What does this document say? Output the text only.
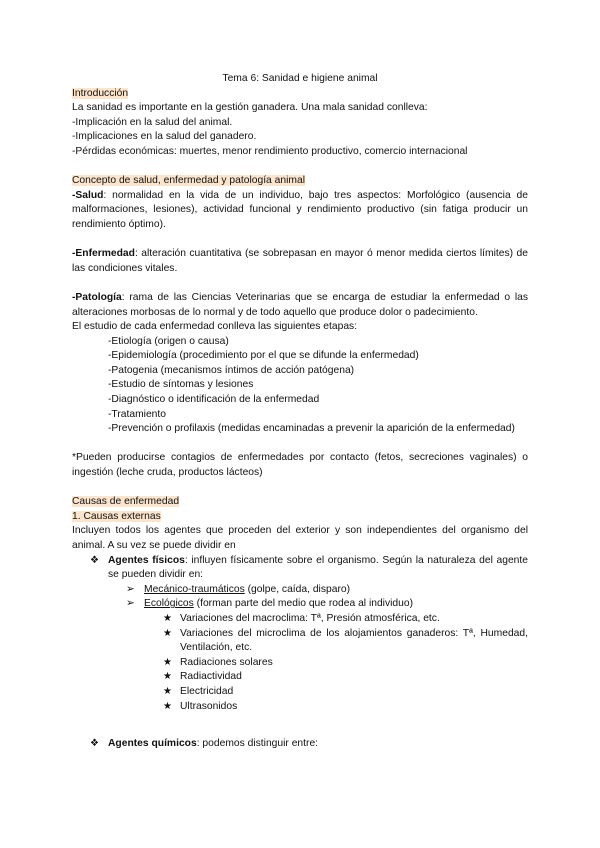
Tema 6: Sanidad e higiene animal

Introducción

La sanidad es importante en la gestión ganadera. Una mala sanidad conlleva:

-Implicación en la salud del animal.

-Implicaciones en la salud del ganadero.

-Pérdidas económicas: muertes, menor rendimiento productivo, comercio internacional

Concepto de salud, enfermedad y patología animal

-Salud: normalidad en la vida de un individuo, bajo tres aspectos: Morfológico (ausencia de malformaciones, lesiones), actividad funcional y rendimiento productivo (sin fatiga producir un rendimiento óptimo).

-Enfermedad: alteración cuantitativa (se sobrepasan en mayor ó menor medida ciertos límites) de las condiciones vitales.

-Patología: rama de las Ciencias Veterinarias que se encarga de estudiar la enfermedad o las alteraciones morbosas de lo normal y de todo aquello que produce dolor o padecimiento.

El estudio de cada enfermedad conlleva las siguientes etapas:

-Etiología (origen o causa)

-Epidemiología (procedimiento por el que se difunde la enfermedad)

-Patogenia (mecanismos íntimos de acción patógena)

-Estudio de síntomas y lesiones

-Diagnóstico o identificación de la enfermedad

-Tratamiento

-Prevención o profilaxis (medidas encaminadas a prevenir la aparición de la enfermedad)

*Pueden producirse contagios de enfermedades por contacto (fetos, secreciones vaginales) o ingestión (leche cruda, productos lácteos)

Causas de enfermedad

1. Causas externas

Incluyen todos los agentes que proceden del exterior y son independientes del organismo del animal. A su vez se puede dividir en

❖ Agentes físicos: influyen físicamente sobre el organismo. Según la naturaleza del agente se pueden dividir en:

➢ Mecánico-traumáticos (golpe, caída, disparo)

➢ Ecológicos (forman parte del medio que rodea al individuo)

★ Variaciones del macroclima: Tª, Presión atmosférica, etc.

★ Variaciones del microclima de los alojamientos ganaderos: Tª, Humedad, Ventilación, etc.

★ Radiaciones solares

★ Radiactividad

★ Electricidad

★ Ultrasonidos

❖ Agentes químicos: podemos distinguir entre:
